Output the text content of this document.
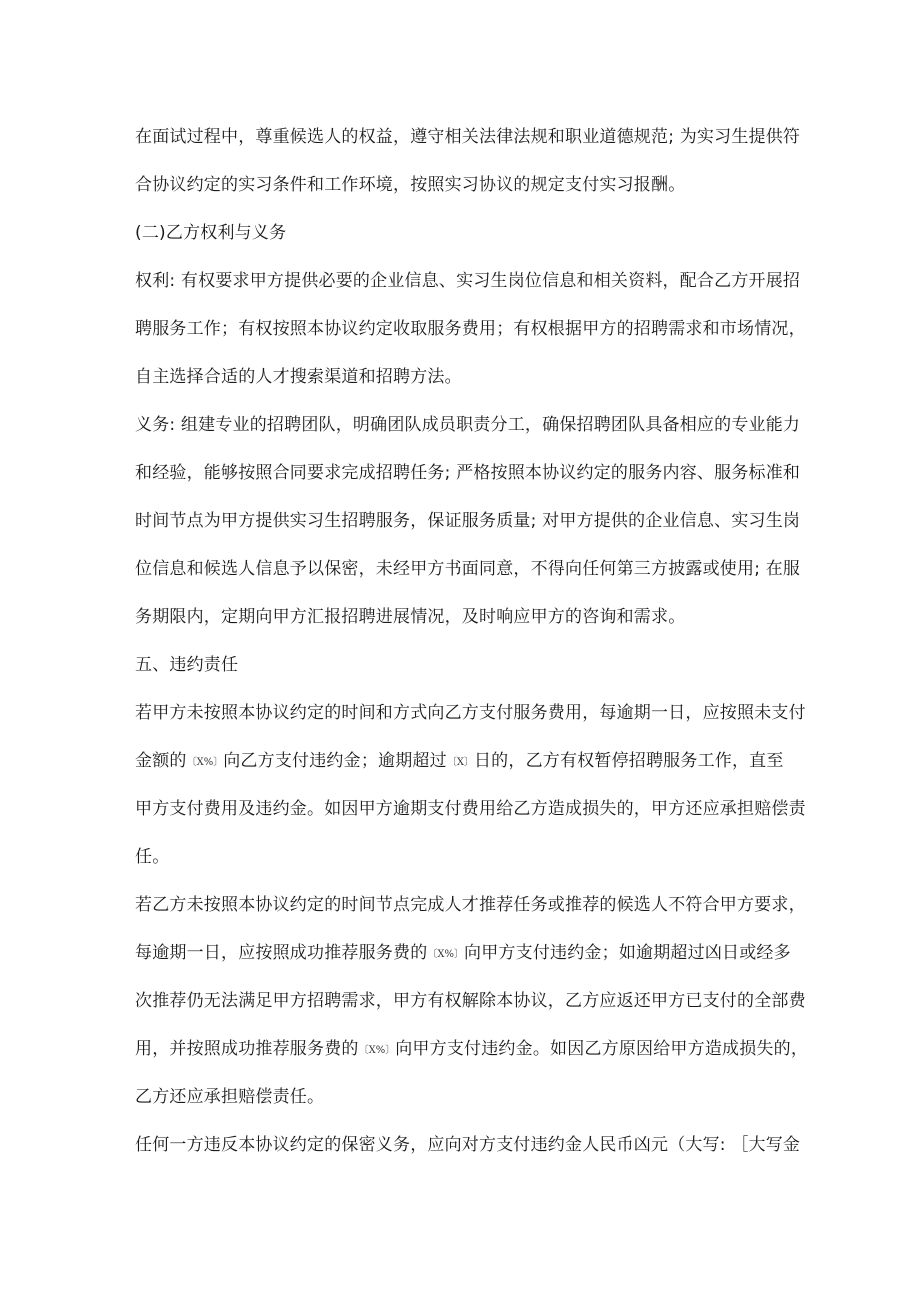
在面试过程中，尊重候选人的权益，遵守相关法律法规和职业道德规范; 为实习生提供符
合协议约定的实习条件和工作环境，按照实习协议的规定支付实习报酬。
(二)乙方权利与义务
权利: 有权要求甲方提供必要的企业信息、实习生岗位信息和相关资料，配合乙方开展招
聘服务工作；有权按照本协议约定收取服务费用；有权根据甲方的招聘需求和市场情况，
自主选择合适的人才搜索渠道和招聘方法。
义务: 组建专业的招聘团队，明确团队成员职责分工，确保招聘团队具备相应的专业能力
和经验，能够按照合同要求完成招聘任务; 严格按照本协议约定的服务内容、服务标准和
时间节点为甲方提供实习生招聘服务，保证服务质量; 对甲方提供的企业信息、实习生岗
位信息和候选人信息予以保密，未经甲方书面同意，不得向任何第三方披露或使用; 在服
务期限内，定期向甲方汇报招聘进展情况，及时响应甲方的咨询和需求。
五、违约责任
若甲方未按照本协议约定的时间和方式向乙方支付服务费用，每逾期一日，应按照未支付
金额的〔X%〕向乙方支付违约金；逾期超过〔X〕日的，乙方有权暂停招聘服务工作，直至
甲方支付费用及违约金。如因甲方逾期支付费用给乙方造成损失的，甲方还应承担赔偿责
任。
若乙方未按照本协议约定的时间节点完成人才推荐任务或推荐的候选人不符合甲方要求，
每逾期一日，应按照成功推荐服务费的〔X%〕向甲方支付违约金；如逾期超过凶日或经多
次推荐仍无法满足甲方招聘需求，甲方有权解除本协议，乙方应返还甲方已支付的全部费
用，并按照成功推荐服务费的〔X%〕向甲方支付违约金。如因乙方原因给甲方造成损失的，
乙方还应承担赔偿责任。
任何一方违反本协议约定的保密义务，应向对方支付违约金人民币凶元（大写: ［大写金
